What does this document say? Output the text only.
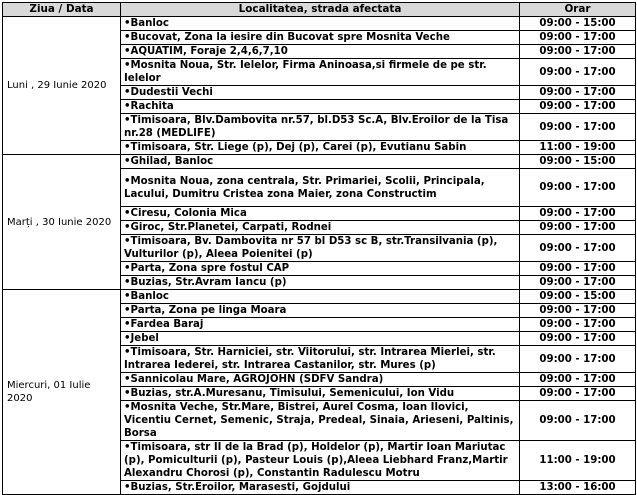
Ziua / Data	Localitatea, strada afectata	Orar
Luni , 29 Iunie 2020	•Banloc	09:00 - 15:00
	•Bucovat, Zona la iesire din Bucovat spre Mosnita Veche	09:00 - 17:00
	•AQUATIM, Foraje 2,4,6,7,10	09:00 - 17:00
	•Mosnita Noua, Str. Ielelor, Firma Aninoasa,si firmele de pe str. Ielelor	09:00 - 17:00
	•Dudestii Vechi	09:00 - 17:00
	•Rachita	09:00 - 17:00
	•Timisoara, Blv.Dambovita nr.57, bl.D53 Sc.A, Blv.Eroilor de la Tisa nr.28 (MEDLIFE)	09:00 - 17:00
	•Timisoara, Str. Liege (p), Dej (p), Carei (p), Evutianu Sabin	11:00 - 19:00
Marți , 30 Iunie 2020	•Ghilad, Banloc	09:00 - 15:00
	•Mosnita Noua, zona centrala, Str. Primariei, Scolii, Principala, Lacului, Dumitru Cristea zona Maier, zona Constructim	09:00 - 17:00
	•Ciresu, Colonia Mica	09:00 - 17:00
	•Giroc, Str.Planetei, Carpati, Rodnei	09:00 - 17:00
	•Timisoara, Bv. Dambovita nr 57 bl D53 sc B, str.Transilvania (p), Vulturilor (p), Aleea Poienitei (p)	09:00 - 17:00
	•Parta, Zona spre fostul CAP	09:00 - 17:00
	•Buzias, Str.Avram Iancu (p)	09:00 - 17:00
Miercuri, 01 Iulie 2020	•Banloc	09:00 - 15:00
	•Parta, Zona pe linga Moara	09:00 - 17:00
	•Fardea Baraj	09:00 - 17:00
	•Jebel	09:00 - 17:00
	•Timisoara, Str. Harniciei, str. Viitorului, str. Intrarea Mierlei, str. Intrarea Iederei, str. Intrarea Castanilor, str. Mures (p)	09:00 - 17:00
	•Sannicolau Mare, AGROJOHN (SDFV Sandra)	09:00 - 17:00
	•Buzias, str.A.Muresanu, Timisului, Semenicului, Ion Vidu	09:00 - 17:00
	•Mosnita Veche, Str.Mare, Bistrei, Aurel Cosma, Ioan Ilovici, Vicentiu Cernet, Semenic, Straja, Predeal, Sinaia, Arieseni, Paltinis, Borsa	09:00 - 17:00
	•Timisoara, str II de la Brad (p), Holdelor (p), Martir Ioan Mariutac (p), Pomiculturii (p), Pasteur Louis (p),Aleea Liebhard Franz,Martir Alexandru Chorosi (p), Constantin Radulescu Motru	11:00 - 19:00
	•Buzias, Str.Eroilor, Marasesti, Gojdului	13:00 - 16:00
